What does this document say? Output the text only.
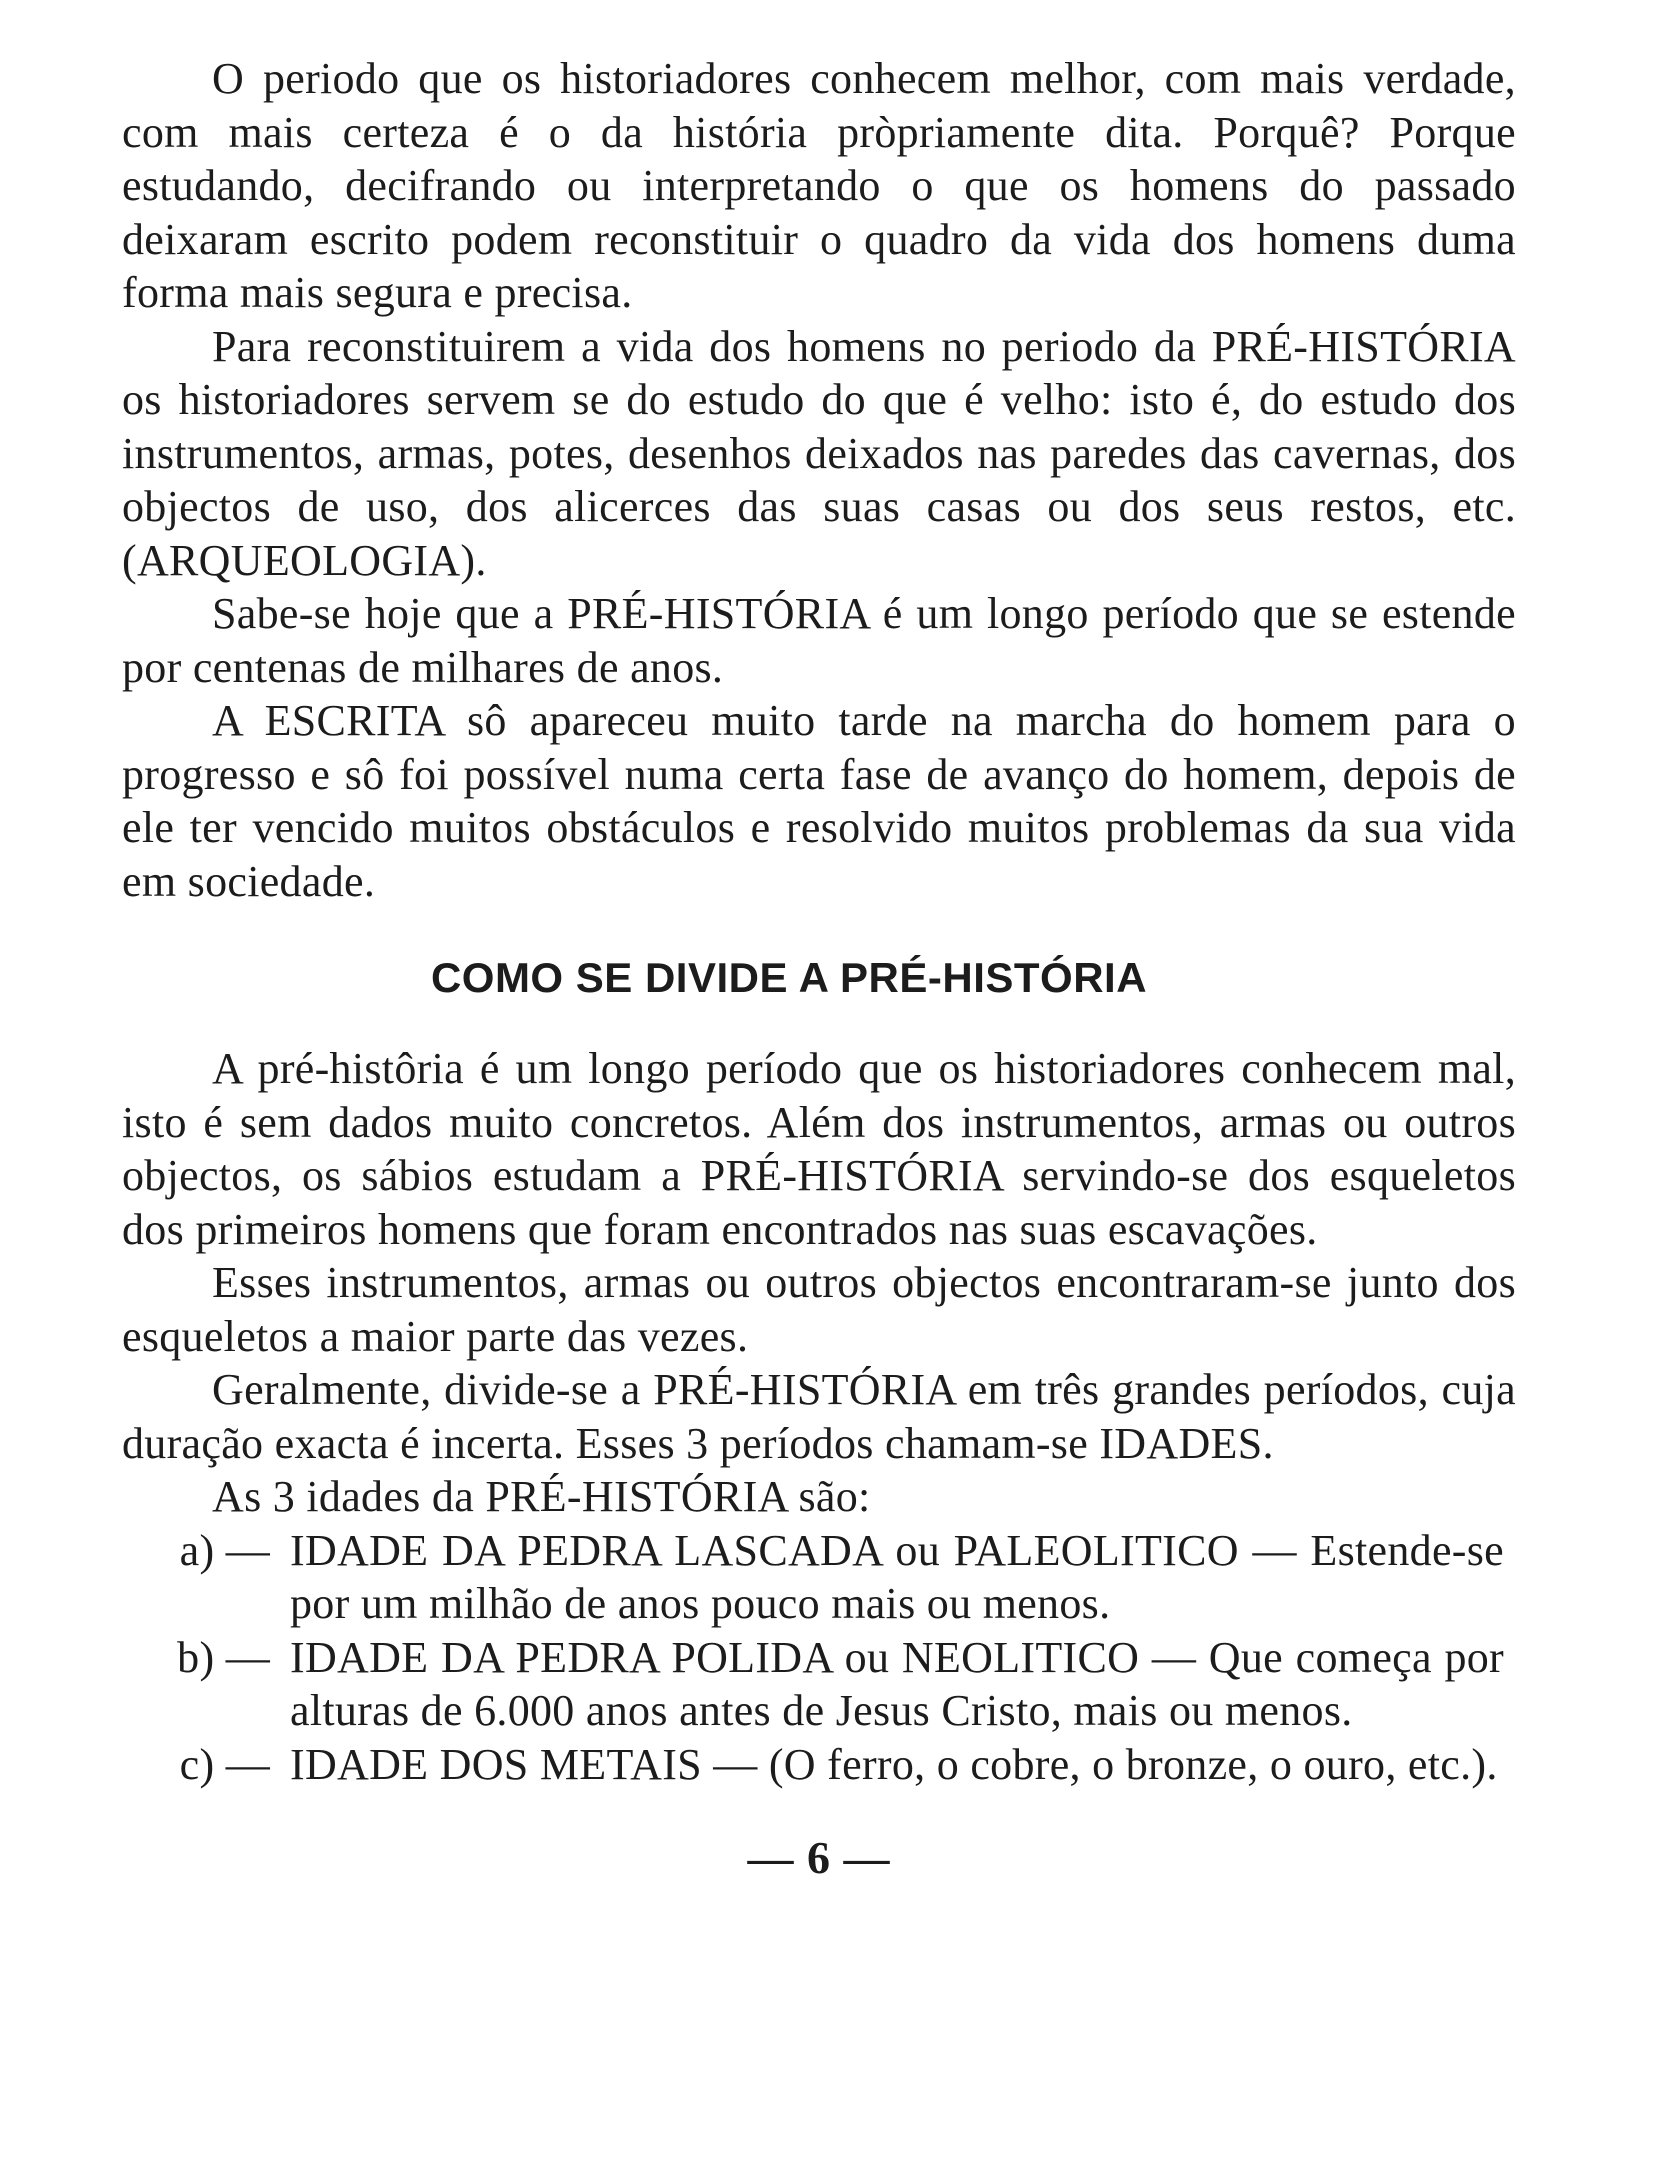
O periodo que os historiadores conhecem melhor, com mais verdade, com mais certeza é o da história pròpriamente dita. Porquê? Porque estudando, decifrando ou interpretando o que os homens do passado deixaram escrito podem reconstituir o quadro da vida dos homens duma forma mais segura e precisa.

Para reconstituirem a vida dos homens no periodo da PRÉ-HISTÓRIA os historiadores servem se do estudo do que é velho: isto é, do estudo dos instrumentos, armas, potes, desenhos deixados nas paredes das cavernas, dos objectos de uso, dos alicerces das suas casas ou dos seus restos, etc. (ARQUEOLOGIA).

Sabe-se hoje que a PRÉ-HISTÓRIA é um longo período que se estende por centenas de milhares de anos.

A ESCRITA sô apareceu muito tarde na marcha do homem para o progresso e sô foi possível numa certa fase de avanço do homem, depois de ele ter vencido muitos obstáculos e resolvido muitos problemas da sua vida em sociedade.

COMO SE DIVIDE A PRÉ-HISTÓRIA

A pré-histôria é um longo período que os historiadores conhecem mal, isto é sem dados muito concretos. Além dos instrumentos, armas ou outros objectos, os sábios estudam a PRÉ-HISTÓRIA servindo-se dos esqueletos dos primeiros homens que foram encontrados nas suas escavações.

Esses instrumentos, armas ou outros objectos encontraram-se junto dos esqueletos a maior parte das vezes.

Geralmente, divide-se a PRÉ-HISTÓRIA em três grandes períodos, cuja duração exacta é incerta. Esses 3 períodos chamam-se IDADES.

As 3 idades da PRÉ-HISTÓRIA são:

a) — IDADE DA PEDRA LASCADA ou PALEOLITICO — Estende-se por um milhão de anos pouco mais ou menos.
b) — IDADE DA PEDRA POLIDA ou NEOLITICO — Que começa por alturas de 6.000 anos antes de Jesus Cristo, mais ou menos.
c) — IDADE DOS METAIS — (O ferro, o cobre, o bronze, o ouro, etc.).
— 6 —
